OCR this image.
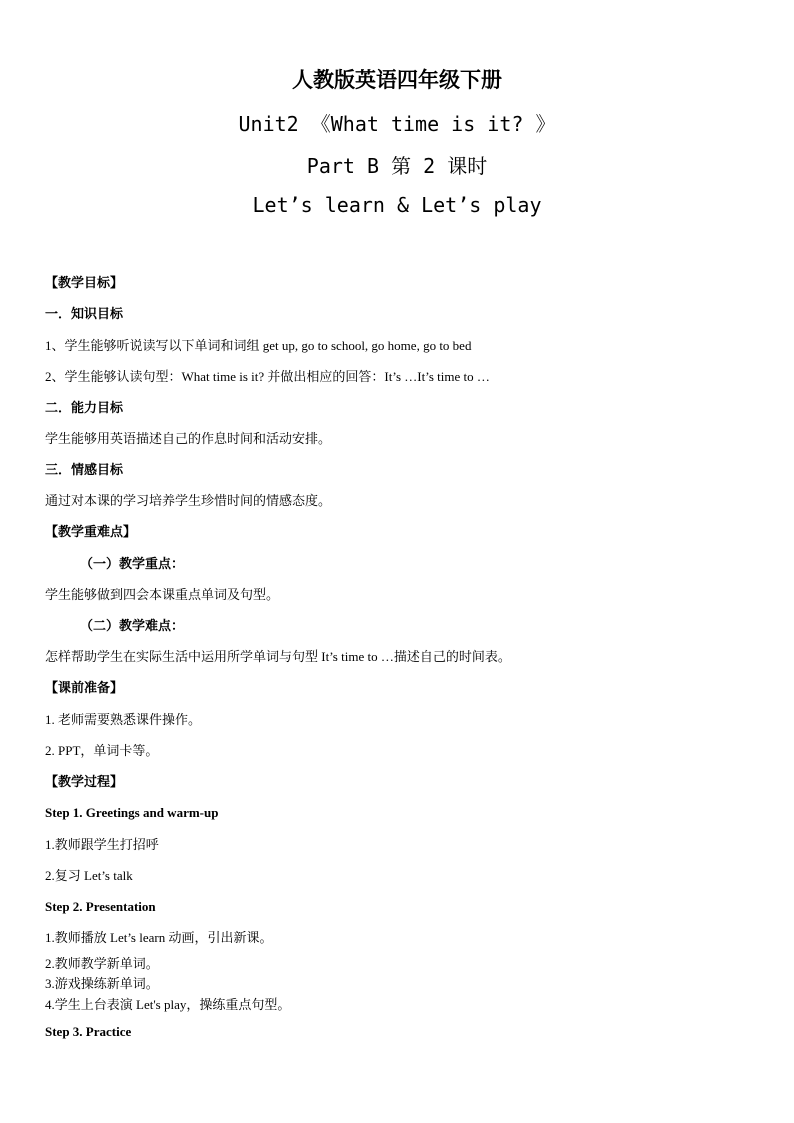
人教版英语四年级下册
Unit2 《What time is it? 》
Part B 第 2 课时
Let’s learn & Let’s play
【教学目标】
一．知识目标
1、学生能够听说读写以下单词和词组 get up, go to school, go home, go to bed
2、学生能够认读句型：What time is it? 并做出相应的回答：It’s …It’s time to …
二．能力目标
学生能够用英语描述自己的作息时间和活动安排。
三．情感目标
通过对本课的学习培养学生珍惜时间的情感态度。
【教学重难点】
（一）教学重点：
学生能够做到四会本课重点单词及句型。
（二）教学难点：
怎样帮助学生在实际生活中运用所学单词与句型 It’s time to …描述自己的时间表。
【课前准备】
1. 老师需要熟悉课件操作。
2. PPT，单词卡等。
【教学过程】
Step 1. Greetings and warm-up
1.教师跟学生打招呼
2.复习 Let’s talk
Step 2. Presentation
1.教师播放 Let’s learn 动画，引出新课。
2.教师教学新单词。
3.游戏操练新单词。
4.学生上台表演 Let's play，操练重点句型。
Step 3. Practice
